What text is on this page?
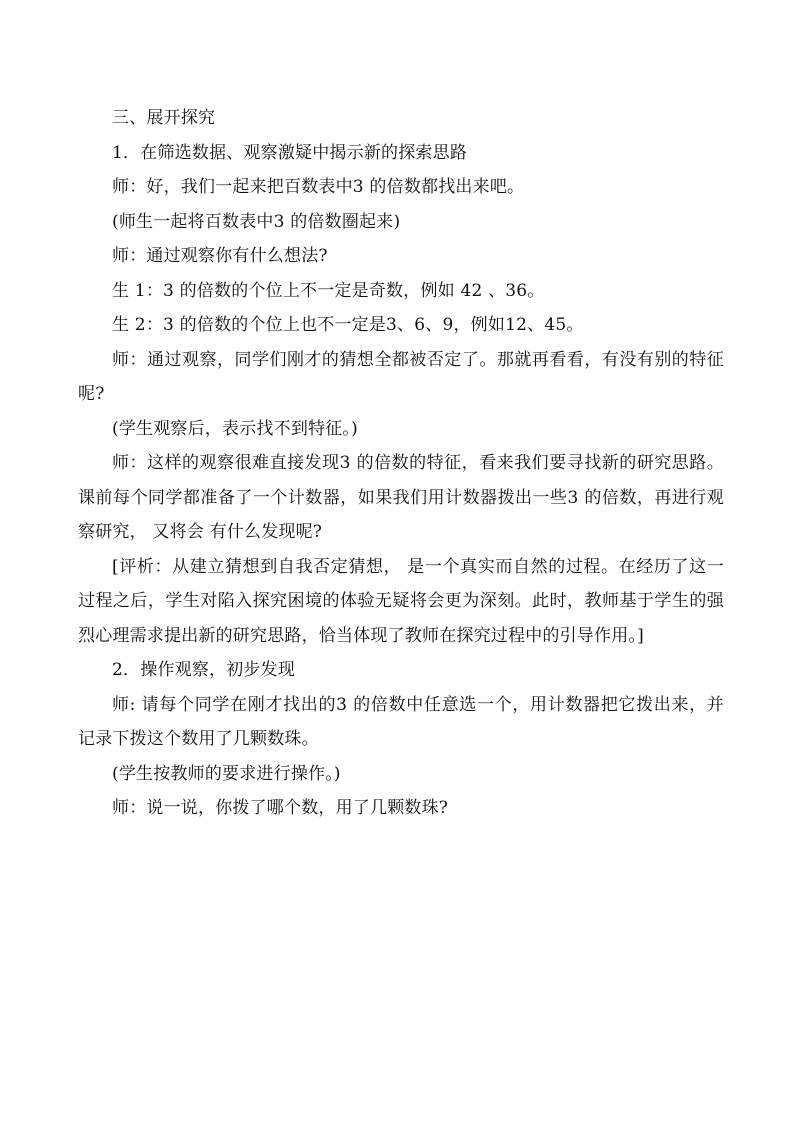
三、展开探究

1．在筛选数据、观察激疑中揭示新的探索思路

师：好，我们一起来把百数表中3 的倍数都找出来吧。

(师生一起将百数表中3 的倍数圈起来)

师：通过观察你有什么想法?

生 1：3 的倍数的个位上不一定是奇数，例如 42 、36。

生 2：3 的倍数的个位上也不一定是3、6、9，例如12、45。

师：通过观察，同学们刚才的猜想全都被否定了。那就再看看，有没有别的特征呢?

(学生观察后，表示找不到特征。)

师：这样的观察很难直接发现3 的倍数的特征，看来我们要寻找新的研究思路。课前每个同学都准备了一个计数器，如果我们用计数器拨出一些3 的倍数，再进行观察研究， 又将会 有什么发现呢?

[评析：从建立猜想到自我否定猜想， 是一个真实而自然的过程。在经历了这一过程之后，学生对陷入探究困境的体验无疑将会更为深刻。此时，教师基于学生的强烈心理需求提出新的研究思路，恰当体现了教师在探究过程中的引导作用。]

2．操作观察，初步发现

师: 请每个同学在刚才找出的3 的倍数中任意选一个，用计数器把它拨出来，并记录下拨这个数用了几颗数珠。

(学生按教师的要求进行操作。)

师：说一说，你拨了哪个数，用了几颗数珠?
